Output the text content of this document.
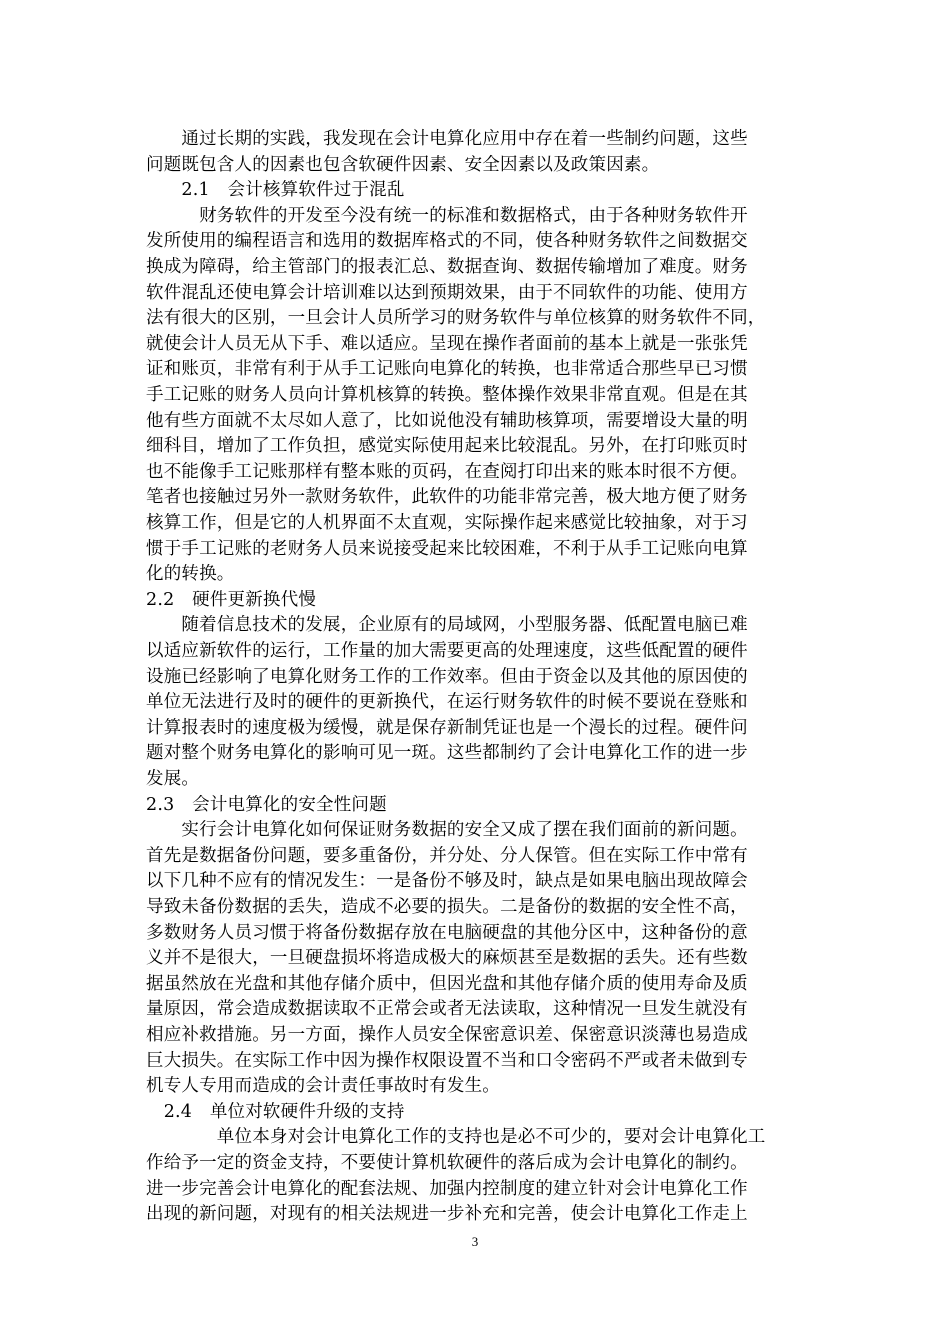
　　通过长期的实践，我发现在会计电算化应用中存在着一些制约问题，这些
问题既包含人的因素也包含软硬件因素、安全因素以及政策因素。
　　2.1　会计核算软件过于混乱
　　　财务软件的开发至今没有统一的标准和数据格式，由于各种财务软件开
发所使用的编程语言和选用的数据库格式的不同，使各种财务软件之间数据交
换成为障碍，给主管部门的报表汇总、数据查询、数据传输增加了难度。财务
软件混乱还使电算会计培训难以达到预期效果，由于不同软件的功能、使用方
法有很大的区别，一旦会计人员所学习的财务软件与单位核算的财务软件不同，
就使会计人员无从下手、难以适应。呈现在操作者面前的基本上就是一张张凭
证和账页，非常有利于从手工记账向电算化的转换，也非常适合那些早已习惯
手工记账的财务人员向计算机核算的转换。整体操作效果非常直观。但是在其
他有些方面就不太尽如人意了，比如说他没有辅助核算项，需要增设大量的明
细科目，增加了工作负担，感觉实际使用起来比较混乱。另外，在打印账页时
也不能像手工记账那样有整本账的页码，在查阅打印出来的账本时很不方便。
笔者也接触过另外一款财务软件，此软件的功能非常完善，极大地方便了财务
核算工作，但是它的人机界面不太直观，实际操作起来感觉比较抽象，对于习
惯于手工记账的老财务人员来说接受起来比较困难，不利于从手工记账向电算
化的转换。
2.2　硬件更新换代慢
　　随着信息技术的发展，企业原有的局域网，小型服务器、低配置电脑已难
以适应新软件的运行，工作量的加大需要更高的处理速度，这些低配置的硬件
设施已经影响了电算化财务工作的工作效率。但由于资金以及其他的原因使的
单位无法进行及时的硬件的更新换代，在运行财务软件的时候不要说在登账和
计算报表时的速度极为缓慢，就是保存新制凭证也是一个漫长的过程。硬件问
题对整个财务电算化的影响可见一斑。这些都制约了会计电算化工作的进一步
发展。
2.3　会计电算化的安全性问题
　　实行会计电算化如何保证财务数据的安全又成了摆在我们面前的新问题。
首先是数据备份问题，要多重备份，并分处、分人保管。但在实际工作中常有
以下几种不应有的情况发生：一是备份不够及时，缺点是如果电脑出现故障会
导致未备份数据的丢失，造成不必要的损失。二是备份的数据的安全性不高，
多数财务人员习惯于将备份数据存放在电脑硬盘的其他分区中，这种备份的意
义并不是很大，一旦硬盘损坏将造成极大的麻烦甚至是数据的丢失。还有些数
据虽然放在光盘和其他存储介质中，但因光盘和其他存储介质的使用寿命及质
量原因，常会造成数据读取不正常会或者无法读取，这种情况一旦发生就没有
相应补救措施。另一方面，操作人员安全保密意识差、保密意识淡薄也易造成
巨大损失。在实际工作中因为操作权限设置不当和口令密码不严或者未做到专
机专人专用而造成的会计责任事故时有发生。
　2.4　单位对软硬件升级的支持
　　　　单位本身对会计电算化工作的支持也是必不可少的，要对会计电算化工
作给予一定的资金支持，不要使计算机软硬件的落后成为会计电算化的制约。
进一步完善会计电算化的配套法规、加强内控制度的建立针对会计电算化工作
出现的新问题，对现有的相关法规进一步补充和完善，使会计电算化工作走上
3
